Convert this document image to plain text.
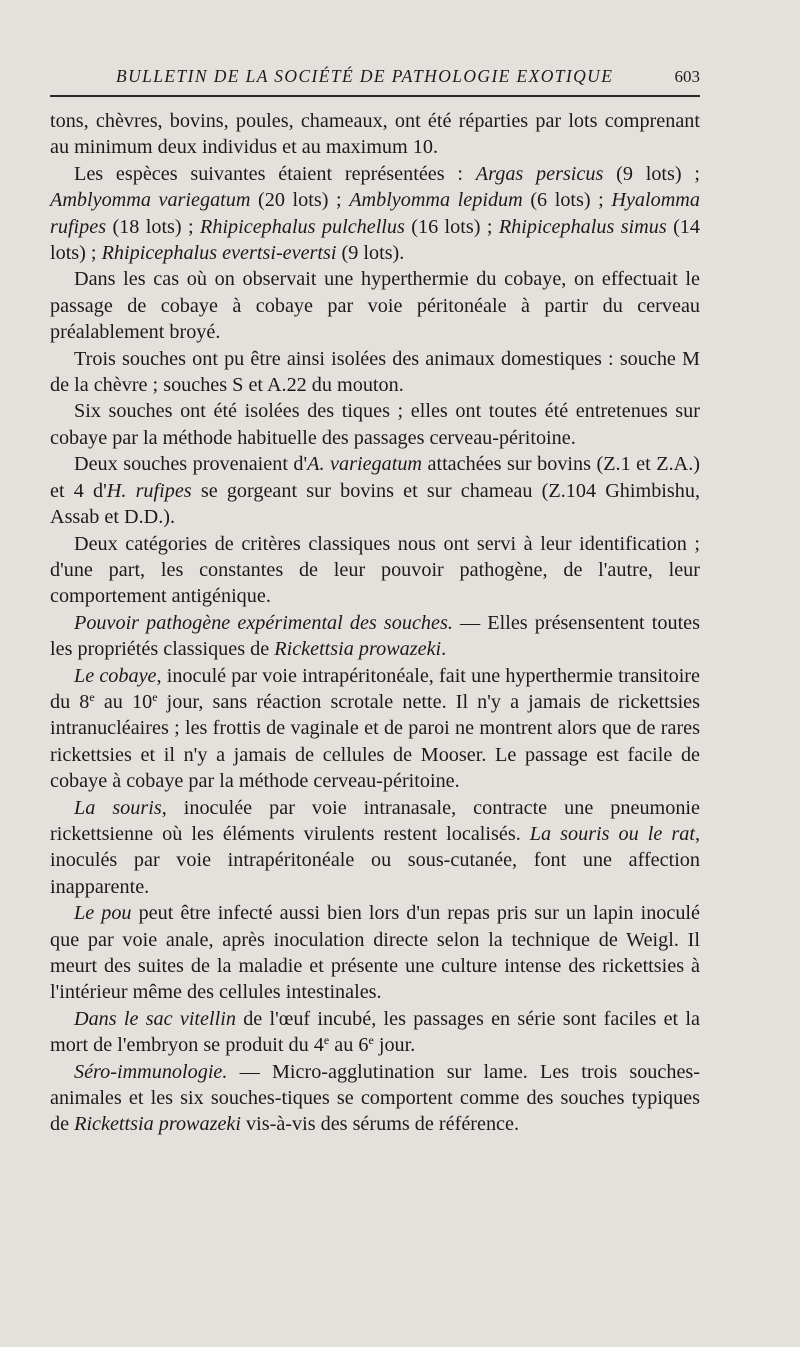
BULLETIN DE LA SOCIÉTÉ DE PATHOLOGIE EXOTIQUE	603

tons, chèvres, bovins, poules, chameaux, ont été réparties par lots comprenant au minimum deux individus et au maximum 10.

Les espèces suivantes étaient représentées : Argas persicus (9 lots) ; Amblyomma variegatum (20 lots) ; Amblyomma lepidum (6 lots) ; Hyalomma rufipes (18 lots) ; Rhipicephalus pulchellus (16 lots) ; Rhipicephalus simus (14 lots) ; Rhipicephalus evertsi-evertsi (9 lots).

Dans les cas où on observait une hyperthermie du cobaye, on effectuait le passage de cobaye à cobaye par voie péritonéale à partir du cerveau préalablement broyé.

Trois souches ont pu être ainsi isolées des animaux domestiques : souche M de la chèvre ; souches S et A.22 du mouton.

Six souches ont été isolées des tiques ; elles ont toutes été entretenues sur cobaye par la méthode habituelle des passages cerveau-péritoine.

Deux souches provenaient d'A. variegatum attachées sur bovins (Z.1 et Z.A.) et 4 d'H. rufipes se gorgeant sur bovins et sur chameau (Z.104 Ghimbishu, Assab et D.D.).

Deux catégories de critères classiques nous ont servi à leur identification ; d'une part, les constantes de leur pouvoir pathogène, de l'autre, leur comportement antigénique.

Pouvoir pathogène expérimental des souches. — Elles présensentent toutes les propriétés classiques de Rickettsia prowazeki.

Le cobaye, inoculé par voie intrapéritonéale, fait une hyperthermie transitoire du 8e au 10e jour, sans réaction scrotale nette. Il n'y a jamais de rickettsies intranucléaires ; les frottis de vaginale et de paroi ne montrent alors que de rares rickettsies et il n'y a jamais de cellules de Mooser. Le passage est facile de cobaye à cobaye par la méthode cerveau-péritoine.

La souris, inoculée par voie intranasale, contracte une pneumonie rickettsienne où les éléments virulents restent localisés. La souris ou le rat, inoculés par voie intrapéritonéale ou sous-cutanée, font une affection inapparente.

Le pou peut être infecté aussi bien lors d'un repas pris sur un lapin inoculé que par voie anale, après inoculation directe selon la technique de Weigl. Il meurt des suites de la maladie et présente une culture intense des rickettsies à l'intérieur même des cellules intestinales.

Dans le sac vitellin de l'œuf incubé, les passages en série sont faciles et la mort de l'embryon se produit du 4e au 6e jour.

Séro-immunologie. — Micro-agglutination sur lame. Les trois souches-animales et les six souches-tiques se comportent comme des souches typiques de Rickettsia prowazeki vis-à-vis des sérums de référence.
